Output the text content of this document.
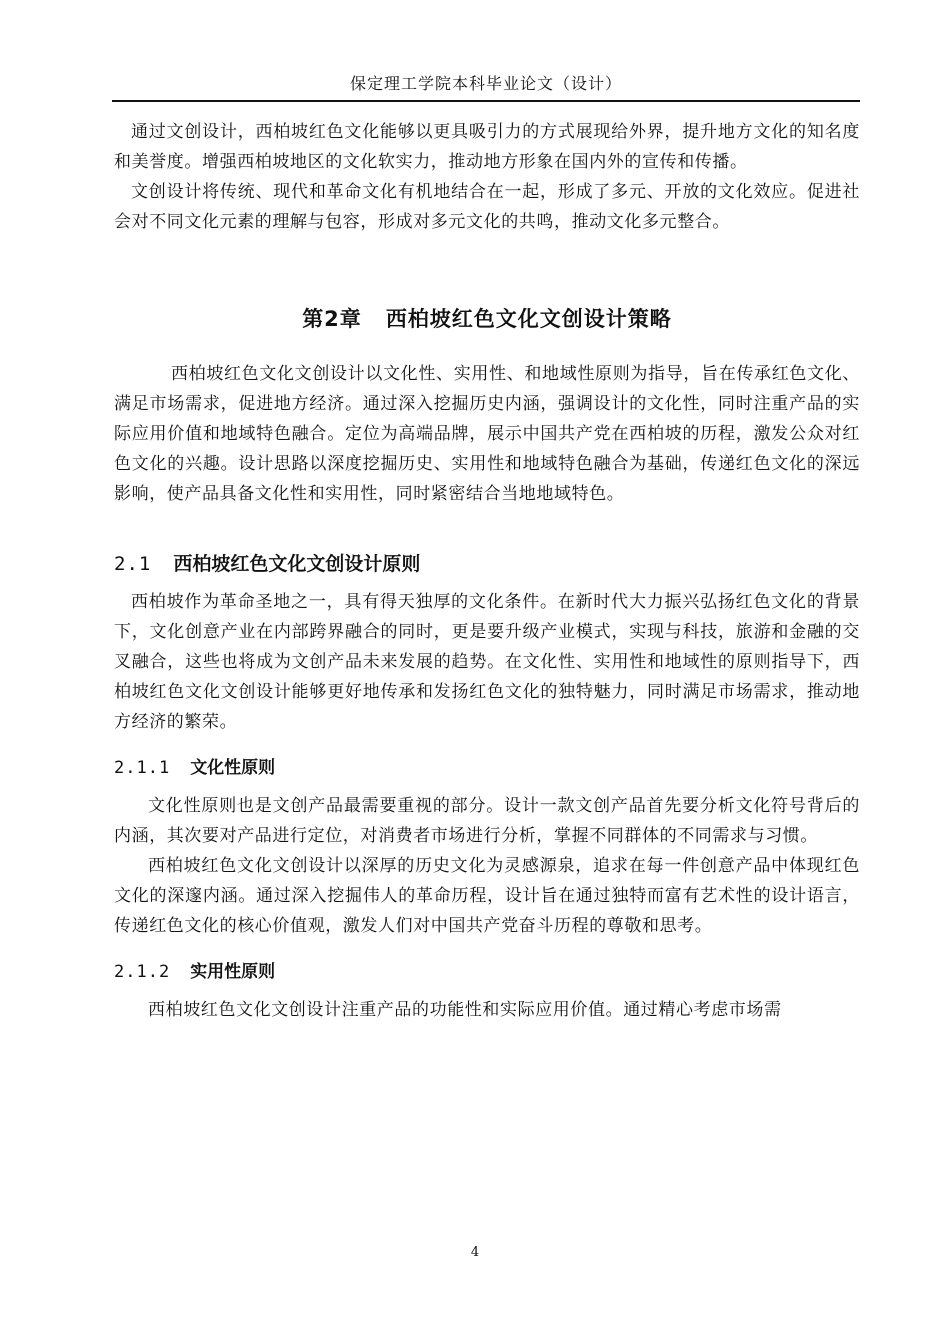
保定理工学院本科毕业论文（设计）

通过文创设计，西柏坡红色文化能够以更具吸引力的方式展现给外界，提升地方文化的知名度和美誉度。增强西柏坡地区的文化软实力，推动地方形象在国内外的宣传和传播。

文创设计将传统、现代和革命文化有机地结合在一起，形成了多元、开放的文化效应。促进社会对不同文化元素的理解与包容，形成对多元文化的共鸣，推动文化多元整合。

第2章 西柏坡红色文化文创设计策略

西柏坡红色文化文创设计以文化性、实用性、和地域性原则为指导，旨在传承红色文化、满足市场需求，促进地方经济。通过深入挖掘历史内涵，强调设计的文化性，同时注重产品的实际应用价值和地域特色融合。定位为高端品牌，展示中国共产党在西柏坡的历程，激发公众对红色文化的兴趣。设计思路以深度挖掘历史、实用性和地域特色融合为基础，传递红色文化的深远影响，使产品具备文化性和实用性，同时紧密结合当地地域特色。

2.1 西柏坡红色文化文创设计原则

西柏坡作为革命圣地之一，具有得天独厚的文化条件。在新时代大力振兴弘扬红色文化的背景下，文化创意产业在内部跨界融合的同时，更是要升级产业模式，实现与科技，旅游和金融的交叉融合，这些也将成为文创产品未来发展的趋势。在文化性、实用性和地域性的原则指导下，西柏坡红色文化文创设计能够更好地传承和发扬红色文化的独特魅力，同时满足市场需求，推动地方经济的繁荣。

2.1.1 文化性原则

文化性原则也是文创产品最需要重视的部分。设计一款文创产品首先要分析文化符号背后的内涵，其次要对产品进行定位，对消费者市场进行分析，掌握不同群体的不同需求与习惯。

西柏坡红色文化文创设计以深厚的历史文化为灵感源泉，追求在每一件创意产品中体现红色文化的深邃内涵。通过深入挖掘伟人的革命历程，设计旨在通过独特而富有艺术性的设计语言，传递红色文化的核心价值观，激发人们对中国共产党奋斗历程的尊敬和思考。

2.1.2 实用性原则

西柏坡红色文化文创设计注重产品的功能性和实际应用价值。通过精心考虑市场需

4
